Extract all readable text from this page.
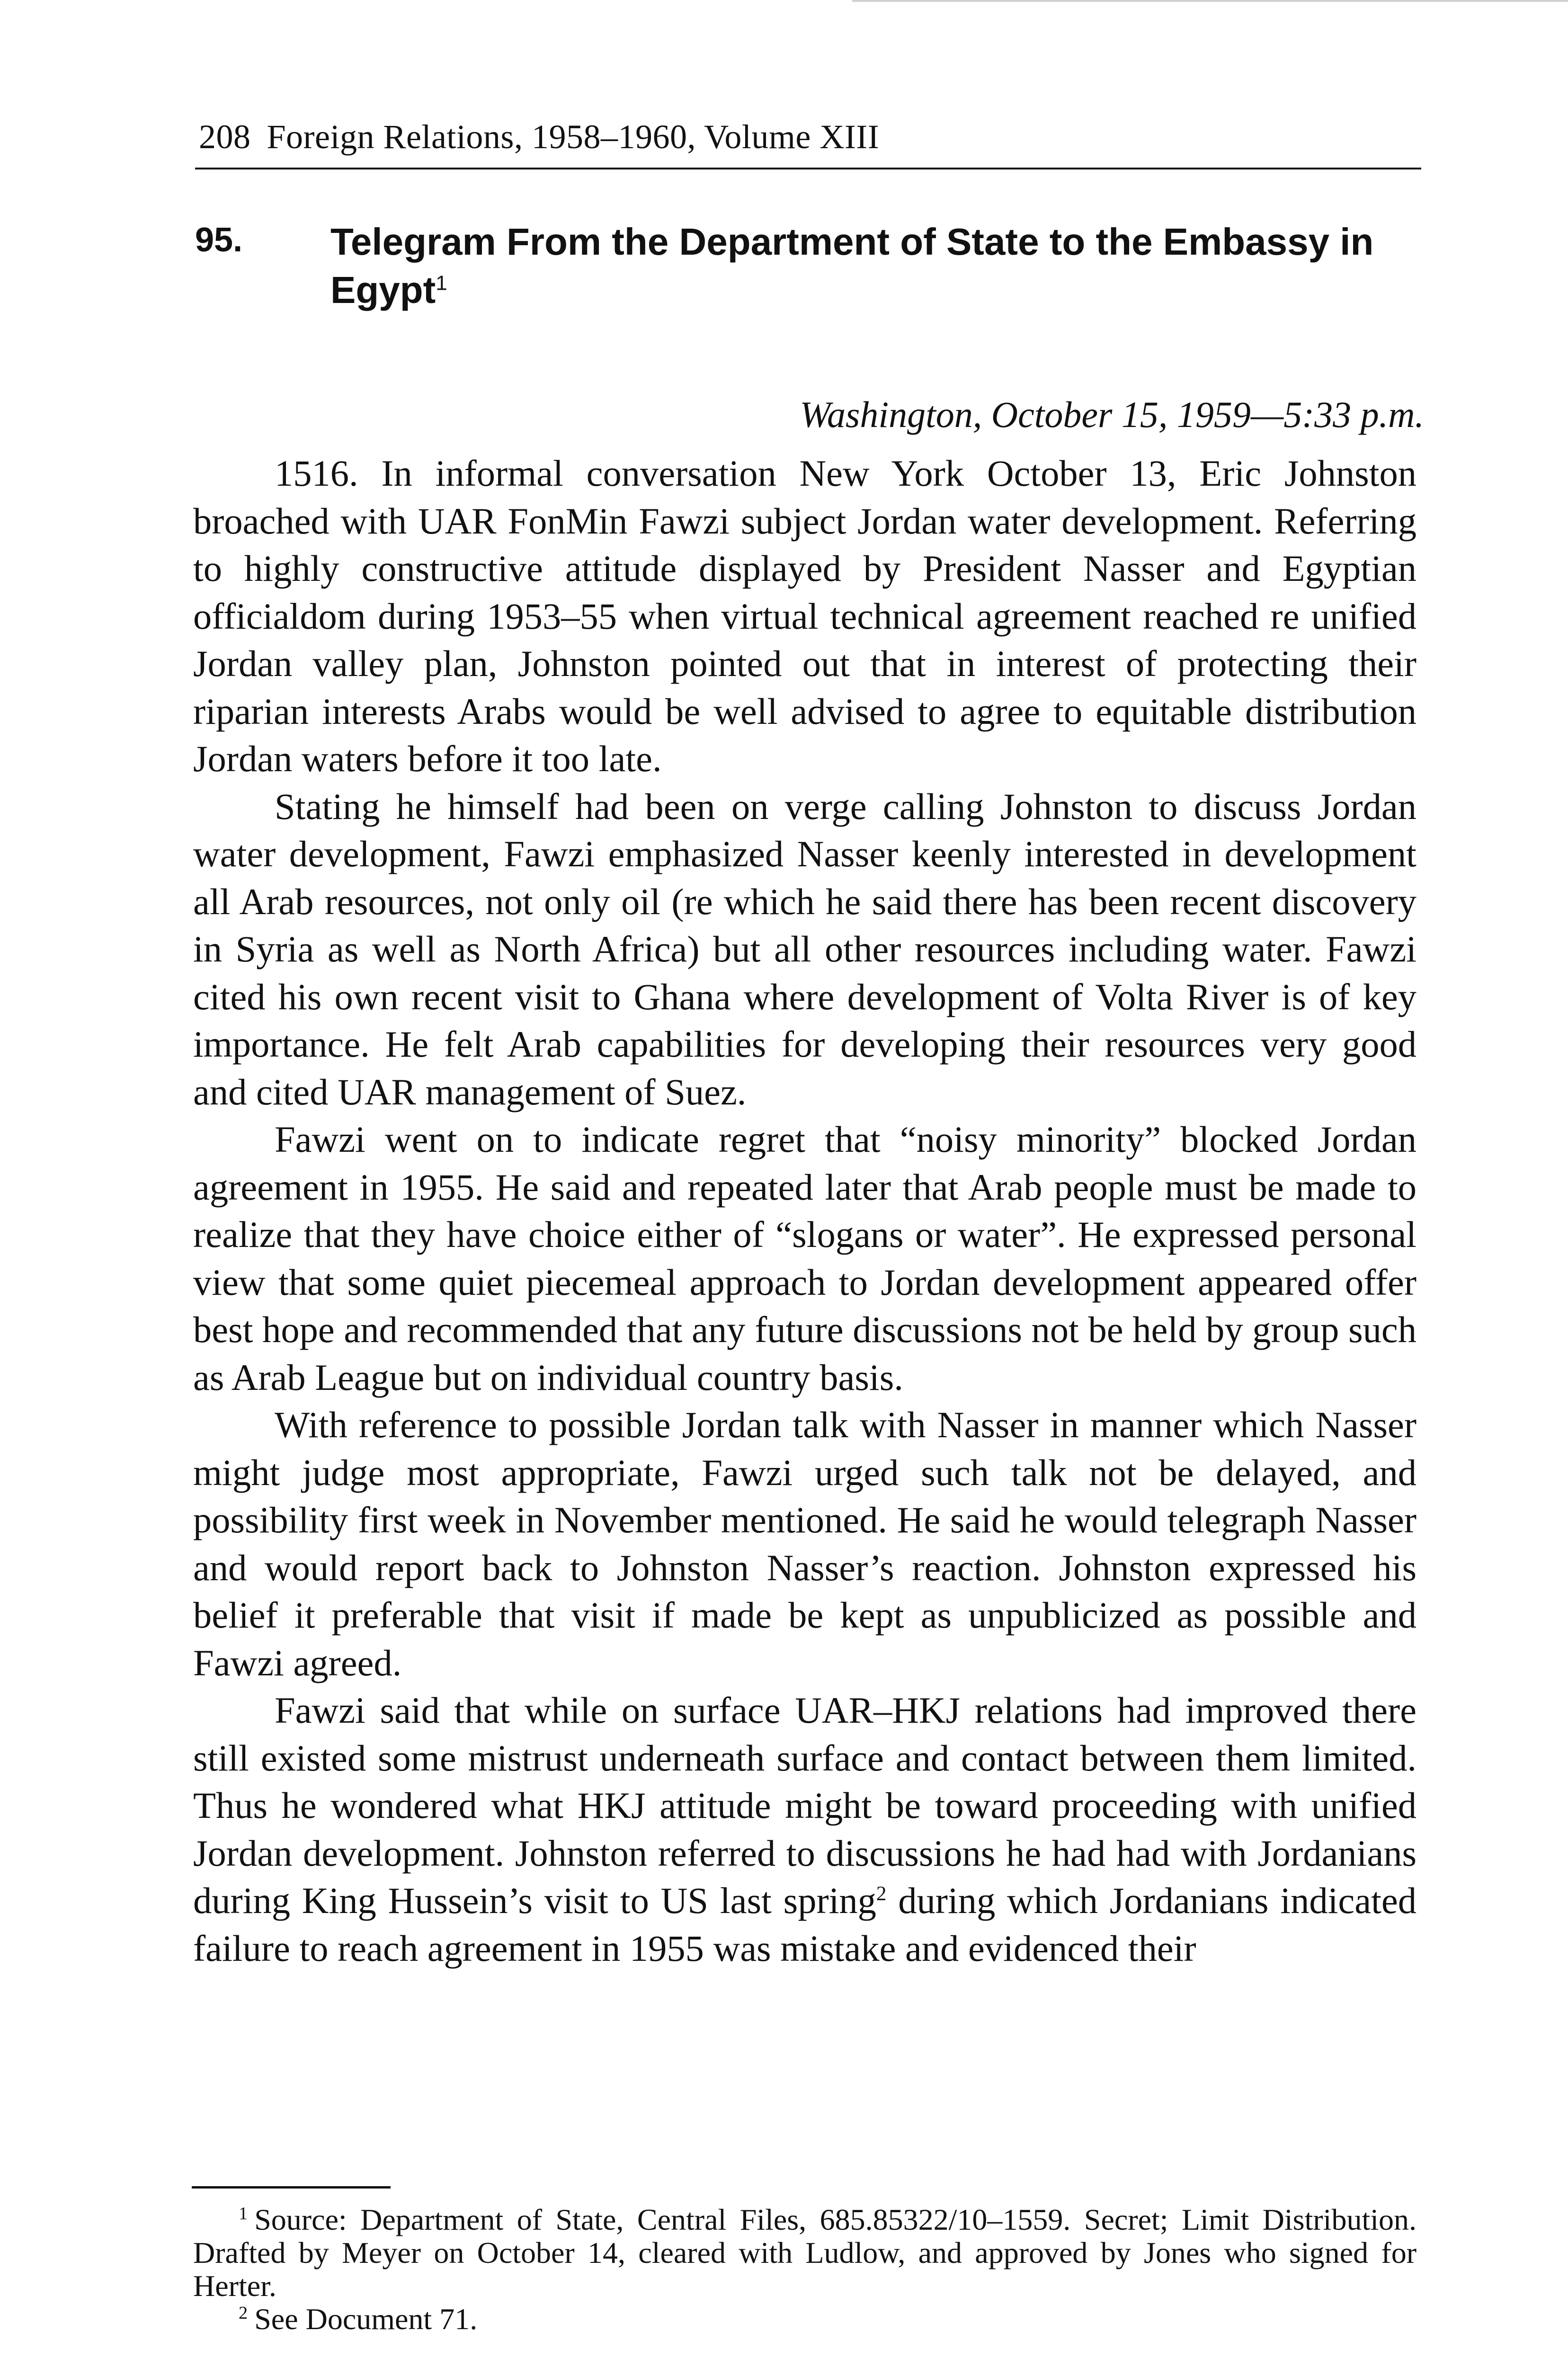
208 Foreign Relations, 1958–1960, Volume XIII
95. Telegram From the Department of State to the Embassy in Egypt$^1$
Washington, October 15, 1959—5:33 p.m.

1516. In informal conversation New York October 13, Eric Johnston broached with UAR FonMin Fawzi subject Jordan water development. Referring to highly constructive attitude displayed by President Nasser and Egyptian officialdom during 1953–55 when virtual technical agreement reached re unified Jordan valley plan, Johnston pointed out that in interest of protecting their riparian interests Arabs would be well advised to agree to equitable distribution Jordan waters before it too late.

Stating he himself had been on verge calling Johnston to discuss Jordan water development, Fawzi emphasized Nasser keenly interested in development all Arab resources, not only oil (re which he said there has been recent discovery in Syria as well as North Africa) but all other resources including water. Fawzi cited his own recent visit to Ghana where development of Volta River is of key importance. He felt Arab capabilities for developing their resources very good and cited UAR management of Suez.

Fawzi went on to indicate regret that “noisy minority” blocked Jordan agreement in 1955. He said and repeated later that Arab people must be made to realize that they have choice either of “slogans or water”. He expressed personal view that some quiet piecemeal approach to Jordan development appeared offer best hope and recommended that any future discussions not be held by group such as Arab League but on individual country basis.

With reference to possible Jordan talk with Nasser in manner which Nasser might judge most appropriate, Fawzi urged such talk not be delayed, and possibility first week in November mentioned. He said he would telegraph Nasser and would report back to Johnston Nasser’s reaction. Johnston expressed his belief it preferable that visit if made be kept as unpublicized as possible and Fawzi agreed.

Fawzi said that while on surface UAR–HKJ relations had improved there still existed some mistrust underneath surface and contact between them limited. Thus he wondered what HKJ attitude might be toward proceeding with unified Jordan development. Johnston referred to discussions he had had with Jordanians during King Hussein’s visit to US last spring$^2$ during which Jordanians indicated failure to reach agreement in 1955 was mistake and evidenced their

$^1$ Source: Department of State, Central Files, 685.85322/10–1559. Secret; Limit Distribution. Drafted by Meyer on October 14, cleared with Ludlow, and approved by Jones who signed for Herter.

$^2$ See Document 71.
